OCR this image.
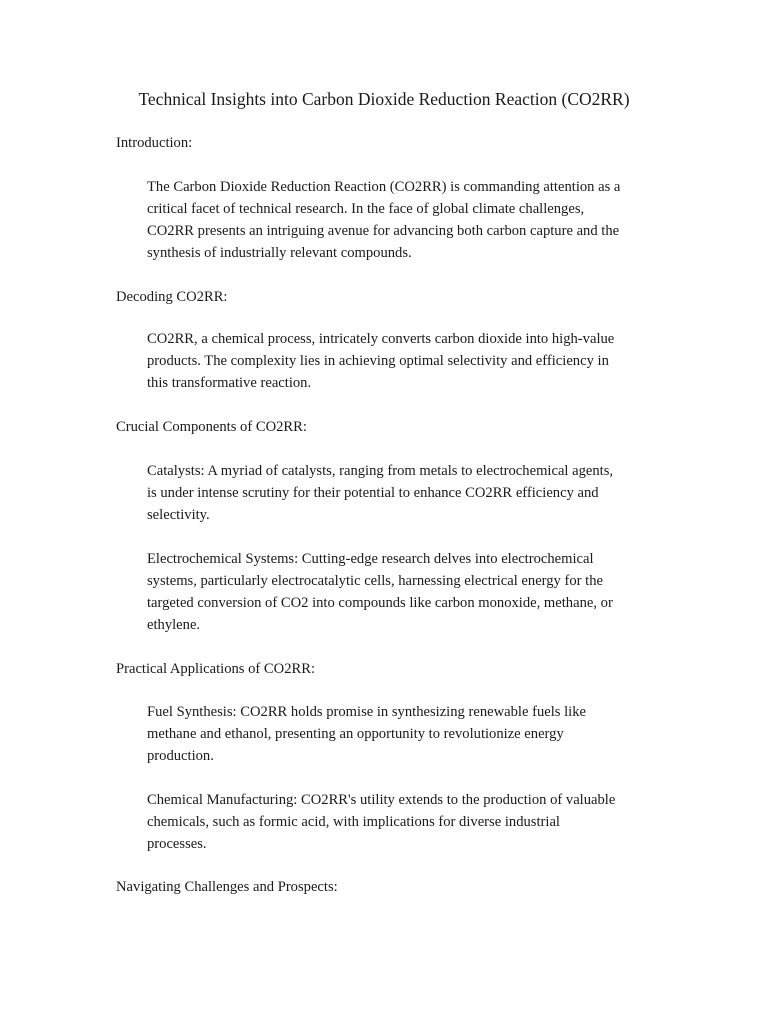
Technical Insights into Carbon Dioxide Reduction Reaction (CO2RR)
Introduction:

The Carbon Dioxide Reduction Reaction (CO2RR) is commanding attention as a
critical facet of technical research. In the face of global climate challenges,
CO2RR presents an intriguing avenue for advancing both carbon capture and the
synthesis of industrially relevant compounds.

Decoding CO2RR:

CO2RR, a chemical process, intricately converts carbon dioxide into high-value
products. The complexity lies in achieving optimal selectivity and efficiency in
this transformative reaction.

Crucial Components of CO2RR:

Catalysts: A myriad of catalysts, ranging from metals to electrochemical agents,
is under intense scrutiny for their potential to enhance CO2RR efficiency and
selectivity.

Electrochemical Systems: Cutting-edge research delves into electrochemical
systems, particularly electrocatalytic cells, harnessing electrical energy for the
targeted conversion of CO2 into compounds like carbon monoxide, methane, or
ethylene.

Practical Applications of CO2RR:

Fuel Synthesis: CO2RR holds promise in synthesizing renewable fuels like
methane and ethanol, presenting an opportunity to revolutionize energy
production.

Chemical Manufacturing: CO2RR's utility extends to the production of valuable
chemicals, such as formic acid, with implications for diverse industrial
processes.

Navigating Challenges and Prospects:
